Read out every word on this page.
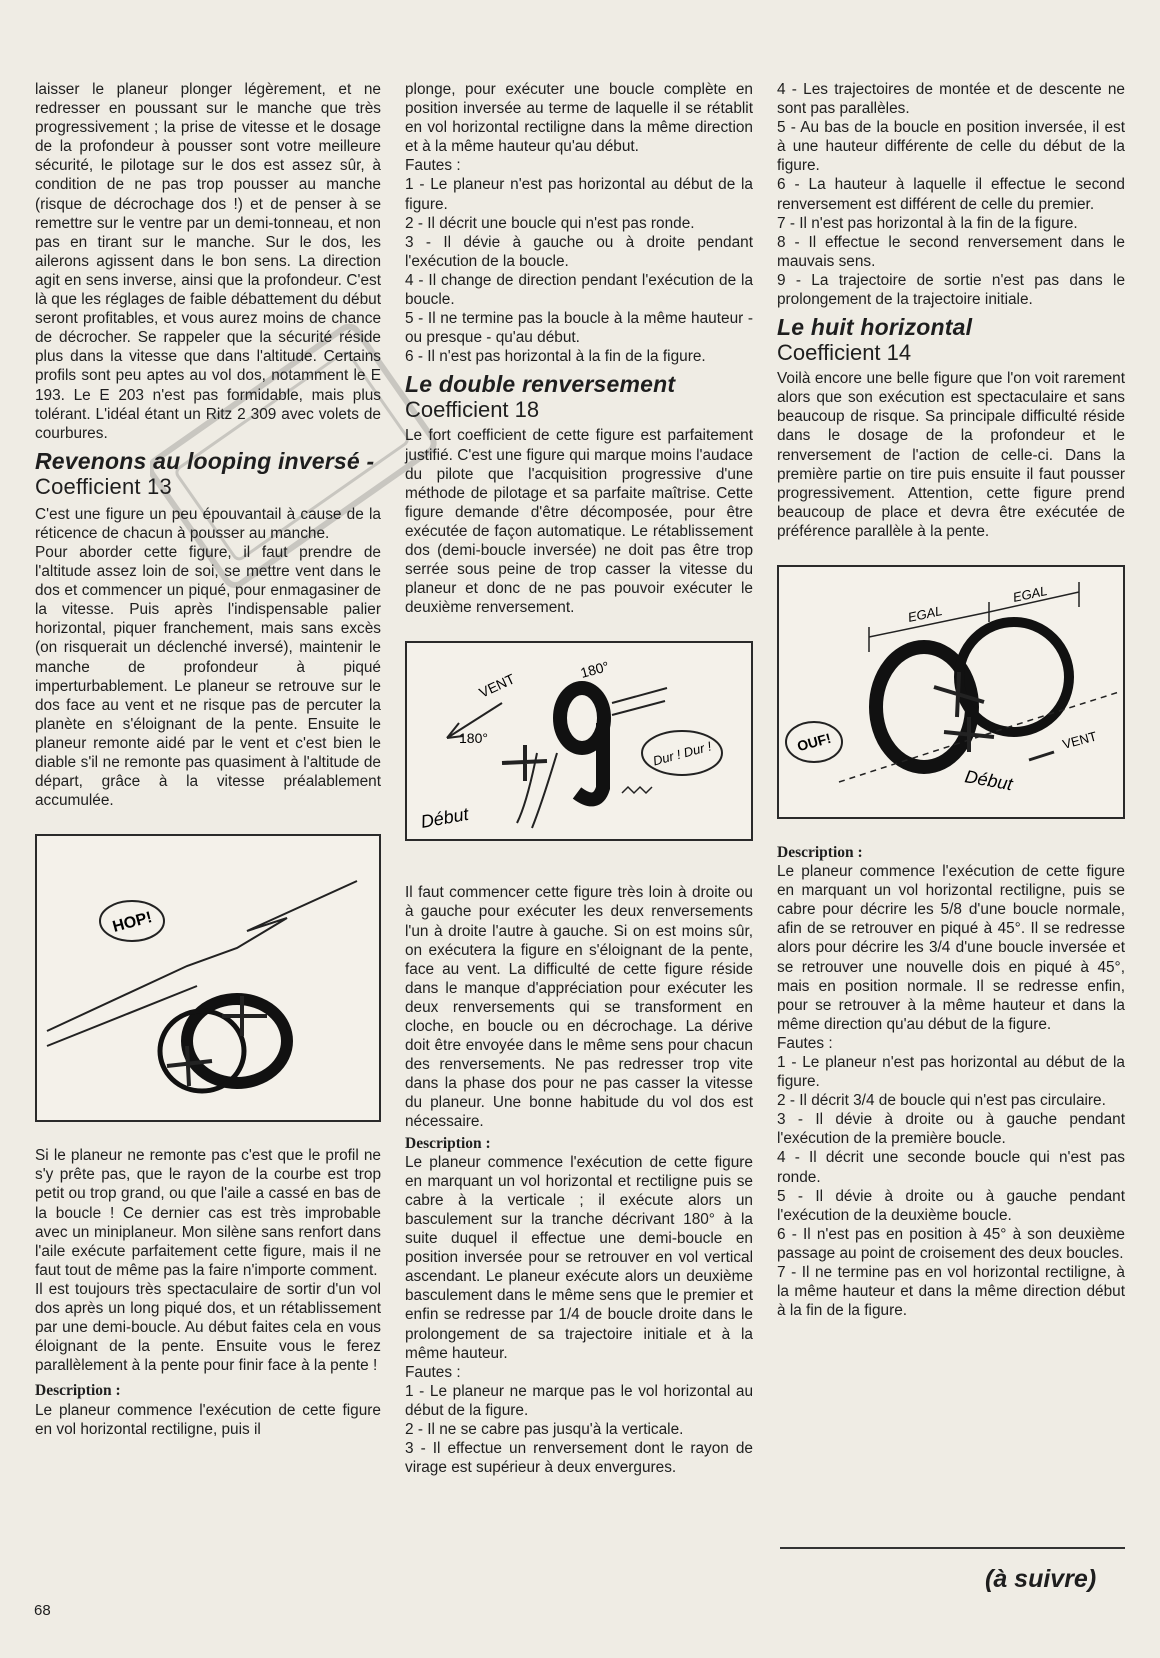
laisser le planeur plonger légèrement, et ne redresser en poussant sur le manche que très progressivement ; la prise de vitesse et le dosage de la profondeur à pousser sont votre meilleure sécurité, le pilotage sur le dos est assez sûr, à condition de ne pas trop pousser au manche (risque de décrochage dos !) et de penser à se remettre sur le ventre par un demi-tonneau, et non pas en tirant sur le manche. Sur le dos, les ailerons agissent dans le bon sens. La direction agit en sens inverse, ainsi que la profondeur. C'est là que les réglages de faible débattement du début seront profitables, et vous aurez moins de chance de décrocher. Se rappeler que la sécurité réside plus dans la vitesse que dans l'altitude. Certains profils sont peu aptes au vol dos, notamment le E 193. Le E 203 n'est pas formidable, mais plus tolérant. L'idéal étant un Ritz 2 309 avec volets de courbures.

Revenons au looping inversé - Coefficient 13

C'est une figure un peu épouvantail à cause de la réticence de chacun à pousser au manche.

Pour aborder cette figure, il faut prendre de l'altitude assez loin de soi, se mettre vent dans le dos et commencer un piqué, pour enmagasiner de la vitesse. Puis après l'indispensable palier horizontal, piquer franchement, mais sans excès (on risquerait un déclenché inversé), maintenir le manche de profondeur à piqué imperturbablement. Le planeur se retrouve sur le dos face au vent et ne risque pas de percuter la planète en s'éloignant de la pente. Ensuite le planeur remonte aidé par le vent et c'est bien le diable s'il ne remonte pas quasiment à l'altitude de départ, grâce à la vitesse préalablement accumulée.

HOP!

Si le planeur ne remonte pas c'est que le profil ne s'y prête pas, que le rayon de la courbe est trop petit ou trop grand, ou que l'aile a cassé en bas de la boucle ! Ce dernier cas est très improbable avec un miniplaneur. Mon silène sans renfort dans l'aile exécute parfaitement cette figure, mais il ne faut tout de même pas la faire n'importe comment.

Il est toujours très spectaculaire de sortir d'un vol dos après un long piqué dos, et un rétablissement par une demi-boucle. Au début faites cela en vous éloignant de la pente. Ensuite vous le ferez parallèlement à la pente pour finir face à la pente !

Description :

Le planeur commence l'exécution de cette figure en vol horizontal rectiligne, puis il

plonge, pour exécuter une boucle complète en position inversée au terme de laquelle il se rétablit en vol horizontal rectiligne dans la même direction et à la même hauteur qu'au début.

Fautes :

1 - Le planeur n'est pas horizontal au début de la figure.

2 - Il décrit une boucle qui n'est pas ronde.

3 - Il dévie à gauche ou à droite pendant l'exécution de la boucle.

4 - Il change de direction pendant l'exécution de la boucle.

5 - Il ne termine pas la boucle à la même hauteur - ou presque - qu'au début.

6 - Il n'est pas horizontal à la fin de la figure.

Le double renversement
Coefficient 18

Le fort coefficient de cette figure est parfaitement justifié. C'est une figure qui marque moins l'audace du pilote que l'acquisition progressive d'une méthode de pilotage et sa parfaite maîtrise. Cette figure demande d'être décomposée, pour être exécutée de façon automatique. Le rétablissement dos (demi-boucle inversée) ne doit pas être trop serrée sous peine de trop casser la vitesse du planeur et donc de ne pas pouvoir exécuter le deuxième renversement.

VENT
180°
180°
Dur ! Dur !
Début

Il faut commencer cette figure très loin à droite ou à gauche pour exécuter les deux renversements l'un à droite l'autre à gauche. Si on est moins sûr, on exécutera la figure en s'éloignant de la pente, face au vent. La difficulté de cette figure réside dans le manque d'appréciation pour exécuter les deux renversements qui se transforment en cloche, en boucle ou en décrochage. La dérive doit être envoyée dans le même sens pour chacun des renversements. Ne pas redresser trop vite dans la phase dos pour ne pas casser la vitesse du planeur. Une bonne habitude du vol dos est nécessaire.

Description :

Le planeur commence l'exécution de cette figure en marquant un vol horizontal et rectiligne puis se cabre à la verticale ; il exécute alors un basculement sur la tranche décrivant 180° à la suite duquel il effectue une demi-boucle en position inversée pour se retrouver en vol vertical ascendant. Le planeur exécute alors un deuxième basculement dans le même sens que le premier et enfin se redresse par 1/4 de boucle droite dans le prolongement de sa trajectoire initiale et à la même hauteur.

Fautes :

1 - Le planeur ne marque pas le vol horizontal au début de la figure.

2 - Il ne se cabre pas jusqu'à la verticale.

3 - Il effectue un renversement dont le rayon de virage est supérieur à deux envergures.

4 - Les trajectoires de montée et de descente ne sont pas parallèles.

5 - Au bas de la boucle en position inversée, il est à une hauteur différente de celle du début de la figure.

6 - La hauteur à laquelle il effectue le second renversement est différent de celle du premier.

7 - Il n'est pas horizontal à la fin de la figure.

8 - Il effectue le second renversement dans le mauvais sens.

9 - La trajectoire de sortie n'est pas dans le prolongement de la trajectoire initiale.

Le huit horizontal
Coefficient 14

Voilà encore une belle figure que l'on voit rarement alors que son exécution est spectaculaire et sans beaucoup de risque. Sa principale difficulté réside dans le dosage de la profondeur et le renversement de l'action de celle-ci. Dans la première partie on tire puis ensuite il faut pousser progressivement. Attention, cette figure prend beaucoup de place et devra être exécutée de préférence parallèle à la pente.

EGAL
EGAL
OUF!	VENT
Début
Description :

Le planeur commence l'exécution de cette figure en marquant un vol horizontal rectiligne, puis se cabre pour décrire les 5/8 d'une boucle normale, afin de se retrouver en piqué à 45°. Il se redresse alors pour décrire les 3/4 d'une boucle inversée et se retrouver une nouvelle dois en piqué à 45°, mais en position normale. Il se redresse enfin, pour se retrouver à la même hauteur et dans la même direction qu'au début de la figure.

Fautes :

1 - Le planeur n'est pas horizontal au début de la figure.

2 - Il décrit 3/4 de boucle qui n'est pas circulaire.

3 - Il dévie à droite ou à gauche pendant l'exécution de la première boucle.

4 - Il décrit une seconde boucle qui n'est pas ronde.

5 - Il dévie à droite ou à gauche pendant l'exécution de la deuxième boucle.

6 - Il n'est pas en position à 45° à son deuxième passage au point de croisement des deux boucles.

7 - Il ne termine pas en vol horizontal rectiligne, à la même hauteur et dans la même direction début à la fin de la figure.

(à suivre)
68
